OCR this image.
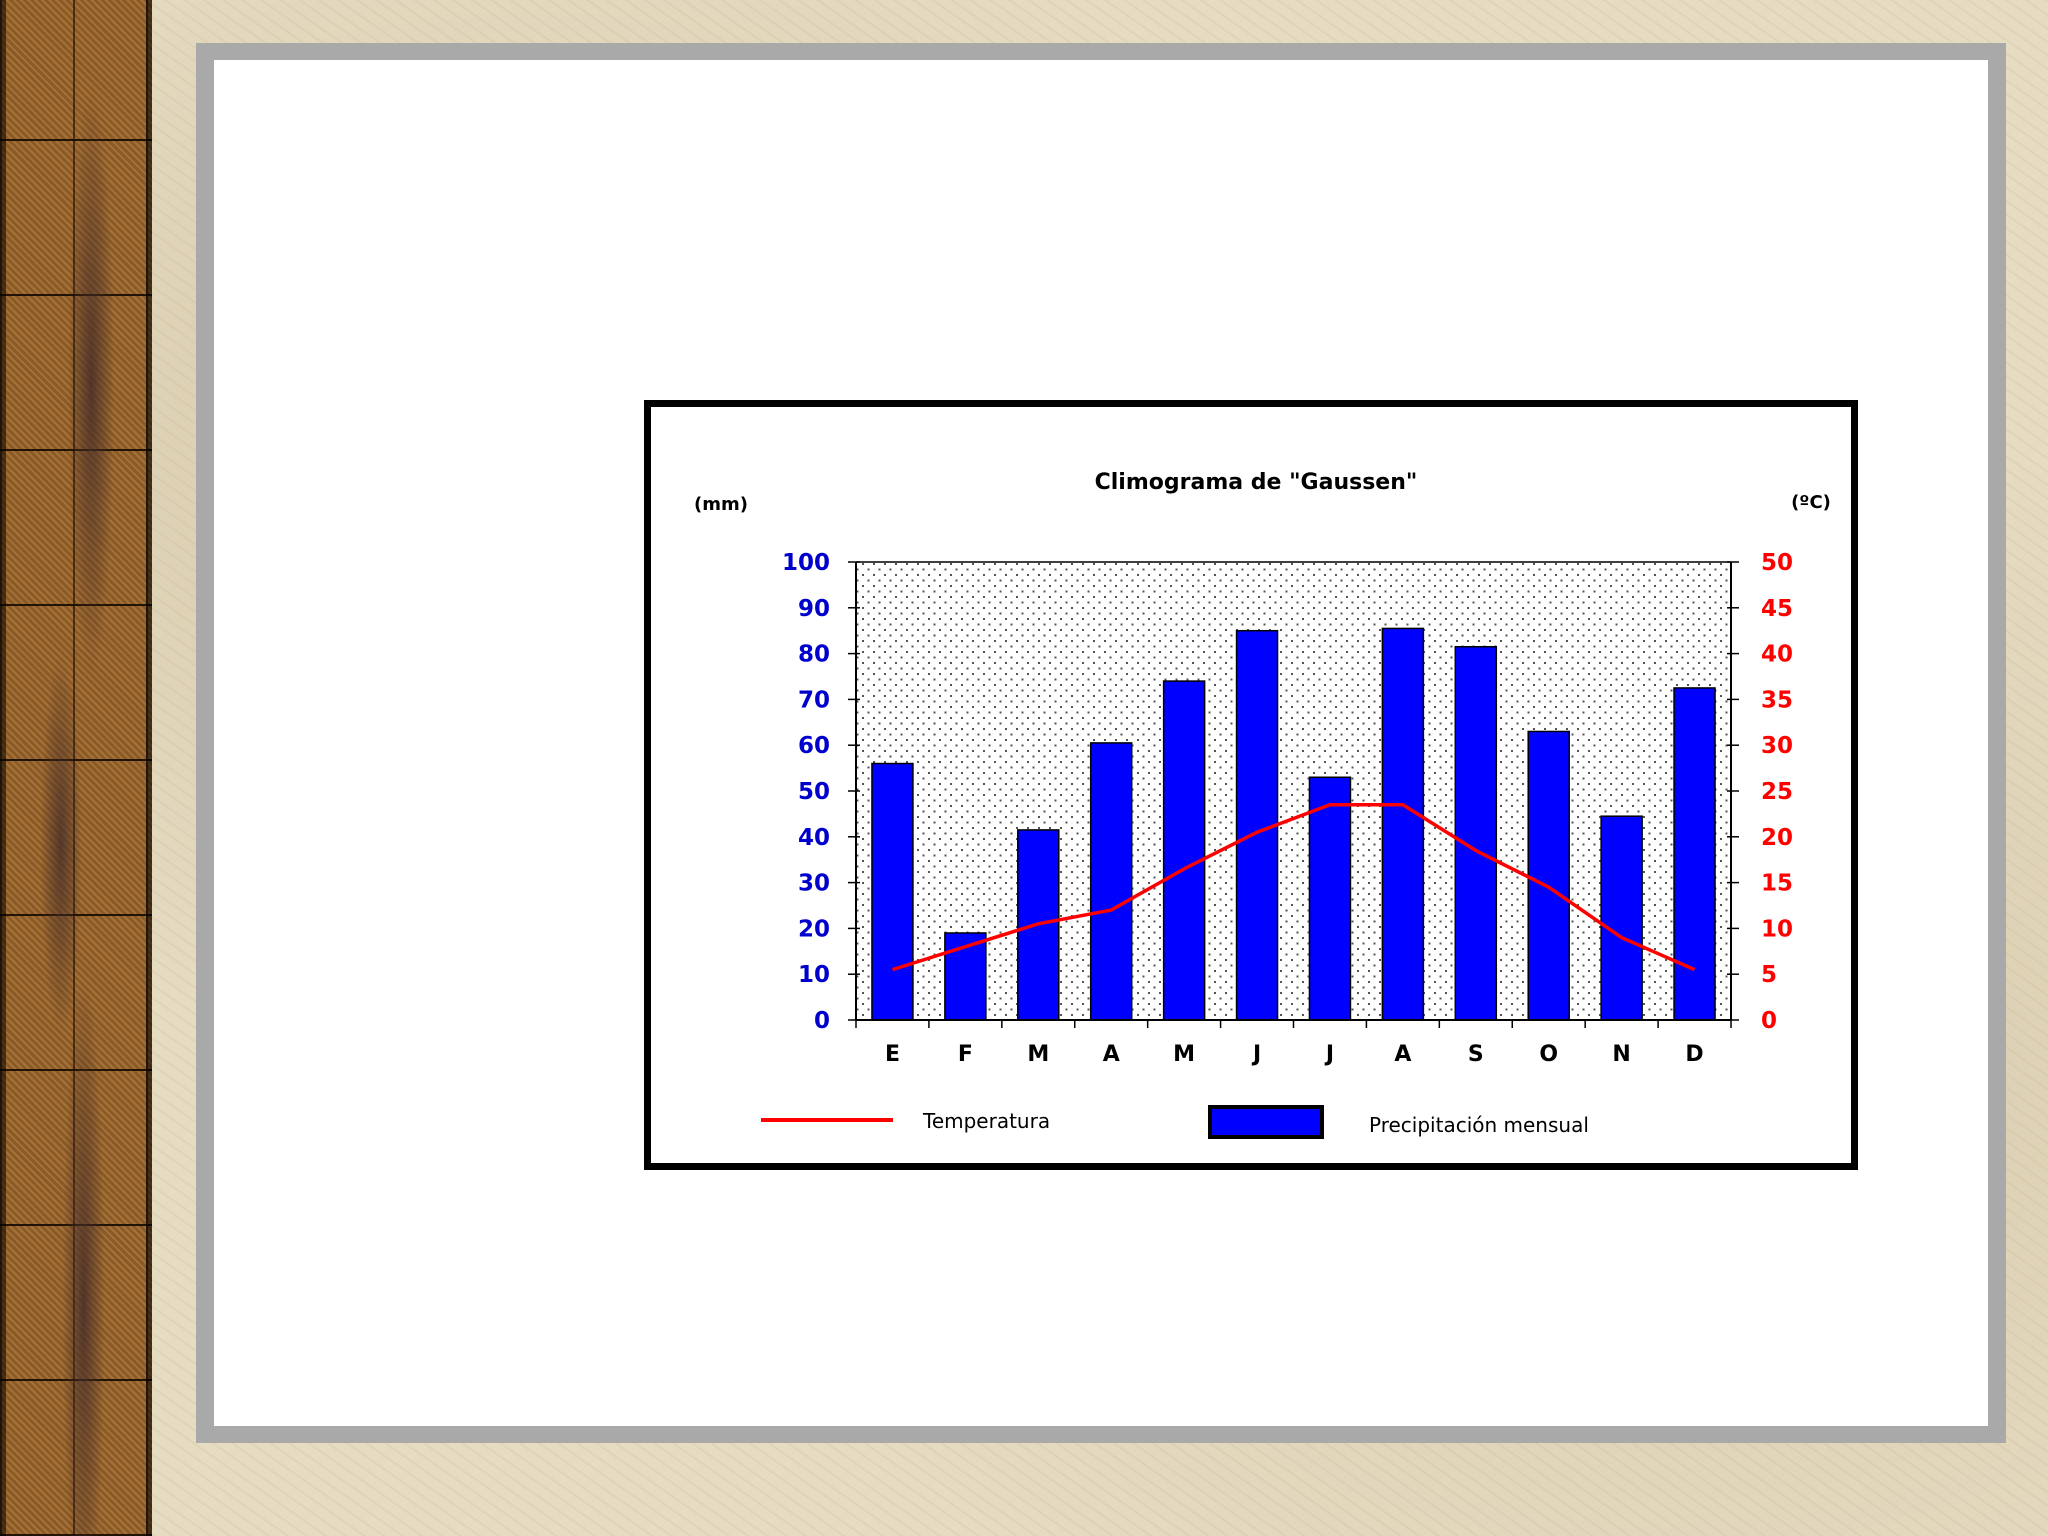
Climograma de "Gaussen"
(mm)	(ºC)
0
10
20
30
40
50
60
70
80
90
100
0
5
10
15
20
25
30
35
40
45
50
E	F M A M	J	J	A	S	O N D
Temperatura	Precipitación mensual
